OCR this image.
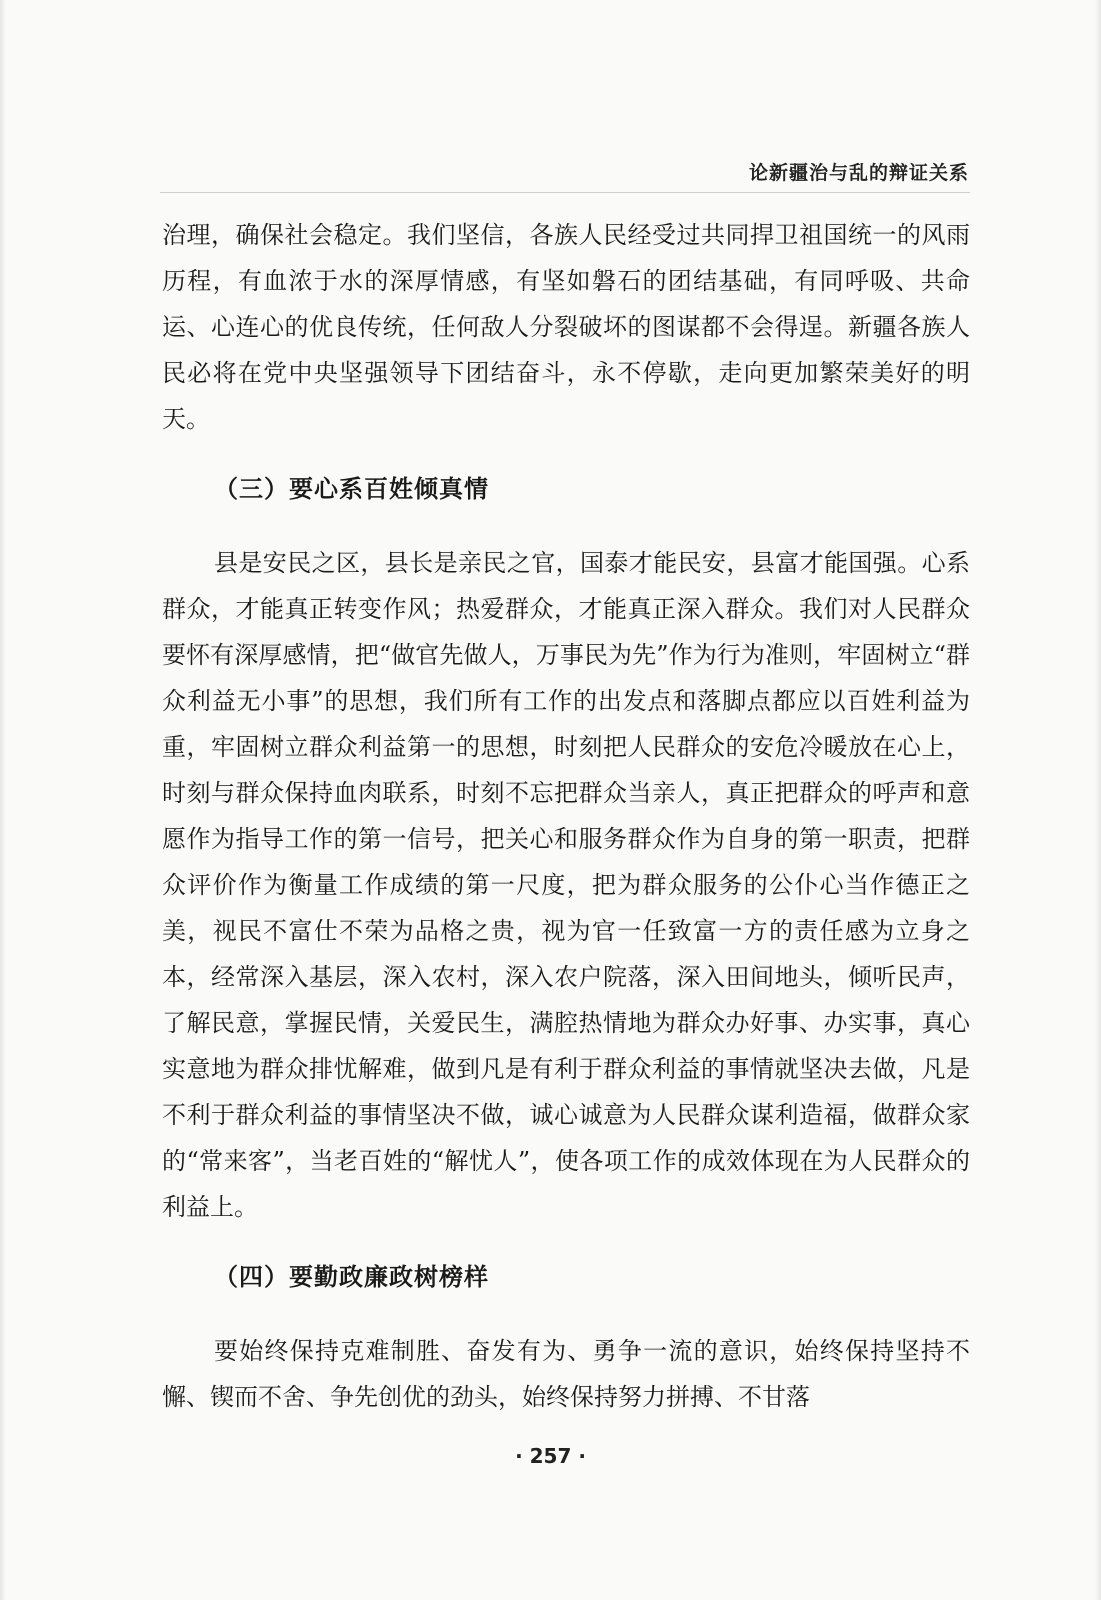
论新疆治与乱的辩证关系

治理，确保社会稳定。我们坚信，各族人民经受过共同捍卫祖国统一的风雨历程，有血浓于水的深厚情感，有坚如磐石的团结基础，有同呼吸、共命运、心连心的优良传统，任何敌人分裂破坏的图谋都不会得逞。新疆各族人民必将在党中央坚强领导下团结奋斗，永不停歇，走向更加繁荣美好的明天。

（三）要心系百姓倾真情

县是安民之区，县长是亲民之官，国泰才能民安，县富才能国强。心系群众，才能真正转变作风；热爱群众，才能真正深入群众。我们对人民群众要怀有深厚感情，把“做官先做人，万事民为先”作为行为准则，牢固树立“群众利益无小事”的思想，我们所有工作的出发点和落脚点都应以百姓利益为重，牢固树立群众利益第一的思想，时刻把人民群众的安危冷暖放在心上，时刻与群众保持血肉联系，时刻不忘把群众当亲人，真正把群众的呼声和意愿作为指导工作的第一信号，把关心和服务群众作为自身的第一职责，把群众评价作为衡量工作成绩的第一尺度，把为群众服务的公仆心当作德正之美，视民不富仕不荣为品格之贵，视为官一任致富一方的责任感为立身之本，经常深入基层，深入农村，深入农户院落，深入田间地头，倾听民声，了解民意，掌握民情，关爱民生，满腔热情地为群众办好事、办实事，真心实意地为群众排忧解难，做到凡是有利于群众利益的事情就坚决去做，凡是不利于群众利益的事情坚决不做，诚心诚意为人民群众谋利造福，做群众家的“常来客”，当老百姓的“解忧人”，使各项工作的成效体现在为人民群众的利益上。

（四）要勤政廉政树榜样

要始终保持克难制胜、奋发有为、勇争一流的意识，始终保持坚持不懈、锲而不舍、争先创优的劲头，始终保持努力拼搏、不甘落

· 257 ·
